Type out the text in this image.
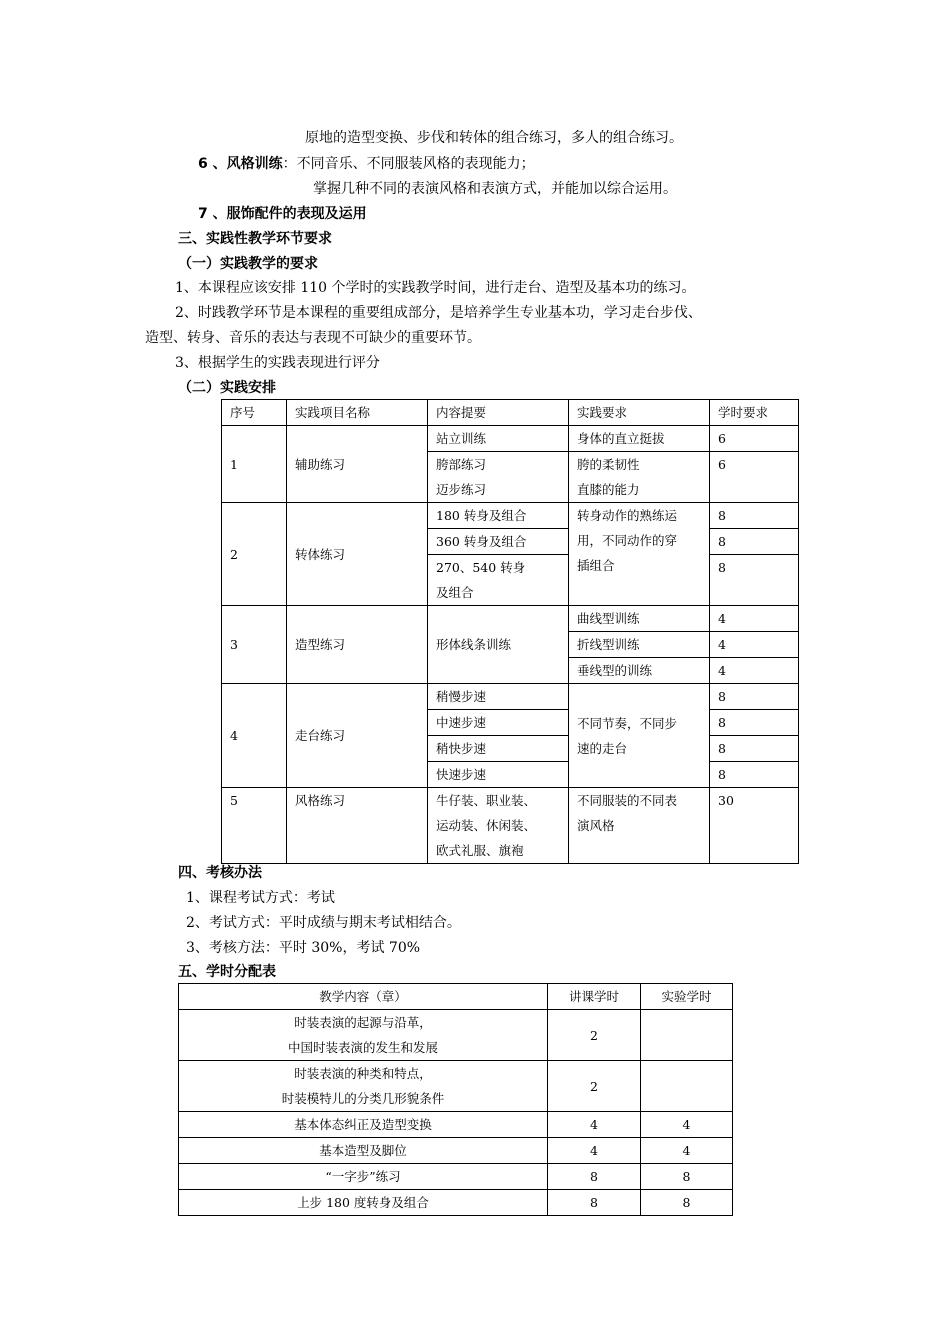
原地的造型变换、步伐和转体的组合练习，多人的组合练习。
6 、风格训练：不同音乐、不同服装风格的表现能力；
掌握几种不同的表演风格和表演方式，并能加以综合运用。
7 、服饰配件的表现及运用
三、实践性教学环节要求
（一）实践教学的要求
1、本课程应该安排 110 个学时的实践教学时间，进行走台、造型及基本功的练习。
2、时践教学环节是本课程的重要组成部分，是培养学生专业基本功，学习走台步伐、
造型、转身、音乐的表达与表现不可缺少的重要环节。
3、根据学生的实践表现进行评分
（二）实践安排
序号	实践项目名称	内容提要	实践要求	学时要求
1	辅助练习	站立训练	身体的直立挺拔	6

		胯部练习
迈步练习	胯的柔韧性
直膝的能力	6

2	转体练习	180 转身及组合	转身动作的熟练运
用，不同动作的穿
插组合	8
		360 转身及组合		8

		270、540 转身
及组合		8

3	造型练习	形体线条训练	曲线型训练	4
			折线型训练	4
			垂线型的训练	4
4	走台练习	稍慢步速	不同节奏，不同步
速的走台	8
		中速步速		8
		稍快步速		8
		快速步速		8
5	风格练习	牛仔装、职业装、
运动装、休闲装、
欧式礼服、旗袍	不同服装的不同表
演风格	30

四、考核办法
1、课程考试方式：考试
2、考试方式：平时成绩与期末考试相结合。
3、考核方法：平时 30%，考试 70%
五、学时分配表
教学内容（章）	讲课学时	实验学时

时装表演的起源与沿革，
中国时装表演的发生和发展	2	

时装表演的种类和特点，
时装模特儿的分类几形貌条件	2	
基本体态纠正及造型变换	4	4
基本造型及脚位	4	4
“一字步”练习	8	8
上步 180 度转身及组合	8	8
